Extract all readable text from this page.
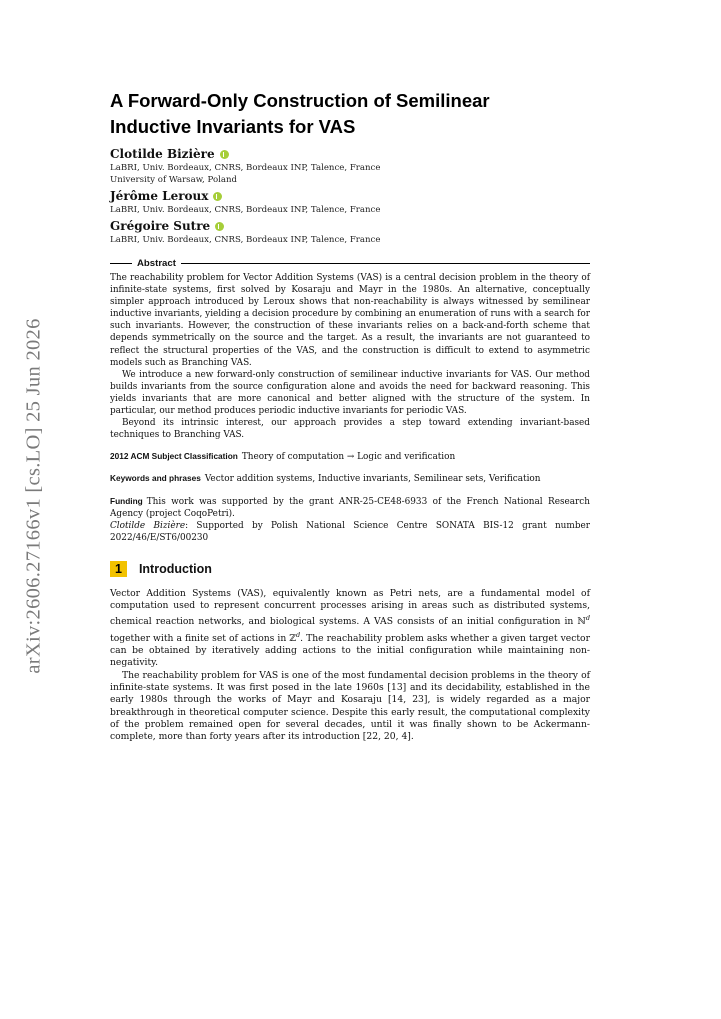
arXiv:2606.27166v1 [cs.LO] 25 Jun 2026
A Forward-Only Construction of Semilinear
Inductive Invariants for VAS
Clotilde Bizière
LaBRI, Univ. Bordeaux, CNRS, Bordeaux INP, Talence, France
University of Warsaw, Poland
Jérôme Leroux
LaBRI, Univ. Bordeaux, CNRS, Bordeaux INP, Talence, France
Grégoire Sutre
LaBRI, Univ. Bordeaux, CNRS, Bordeaux INP, Talence, France
Abstract

The reachability problem for Vector Addition Systems (VAS) is a central decision problem in the theory of infinite-state systems, first solved by Kosaraju and Mayr in the 1980s. An alternative, conceptually simpler approach introduced by Leroux shows that non-reachability is always witnessed by semilinear inductive invariants, yielding a decision procedure by combining an enumeration of runs with a search for such invariants. However, the construction of these invariants relies on a back-and-forth scheme that depends symmetrically on the source and the target. As a result, the invariants are not guaranteed to reflect the structural properties of the VAS, and the construction is difficult to extend to asymmetric models such as Branching VAS.

We introduce a new forward-only construction of semilinear inductive invariants for VAS. Our method builds invariants from the source configuration alone and avoids the need for backward reasoning. This yields invariants that are more canonical and better aligned with the structure of the system. In particular, our method produces periodic inductive invariants for periodic VAS.

Beyond its intrinsic interest, our approach provides a step toward extending invariant-based techniques to Branching VAS.

2012 ACM Subject Classification Theory of computation → Logic and verification
Keywords and phrases Vector addition systems, Inductive invariants, Semilinear sets, Verification
Funding This work was supported by the grant ANR-25-CE48-6933 of the French National Research Agency (project CoqoPetri).
Clotilde Bizière: Supported by Polish National Science Centre SONATA BIS-12 grant number 2022/46/E/ST6/00230
1	Introduction

Vector Addition Systems (VAS), equivalently known as Petri nets, are a fundamental model of computation used to represent concurrent processes arising in areas such as distributed systems, chemical reaction networks, and biological systems. A VAS consists of an initial configuration in ℕ$^d$ together with a finite set of actions in ℤ$^d$. The reachability problem asks whether a given target vector can be obtained by iteratively adding actions to the initial configuration while maintaining non-negativity.

The reachability problem for VAS is one of the most fundamental decision problems in the theory of infinite-state systems. It was first posed in the late 1960s [13] and its decidability, established in the early 1980s through the works of Mayr and Kosaraju [14, 23], is widely regarded as a major breakthrough in theoretical computer science. Despite this early result, the computational complexity of the problem remained open for several decades, until it was finally shown to be Ackermann-complete, more than forty years after its introduction [22, 20, 4].
